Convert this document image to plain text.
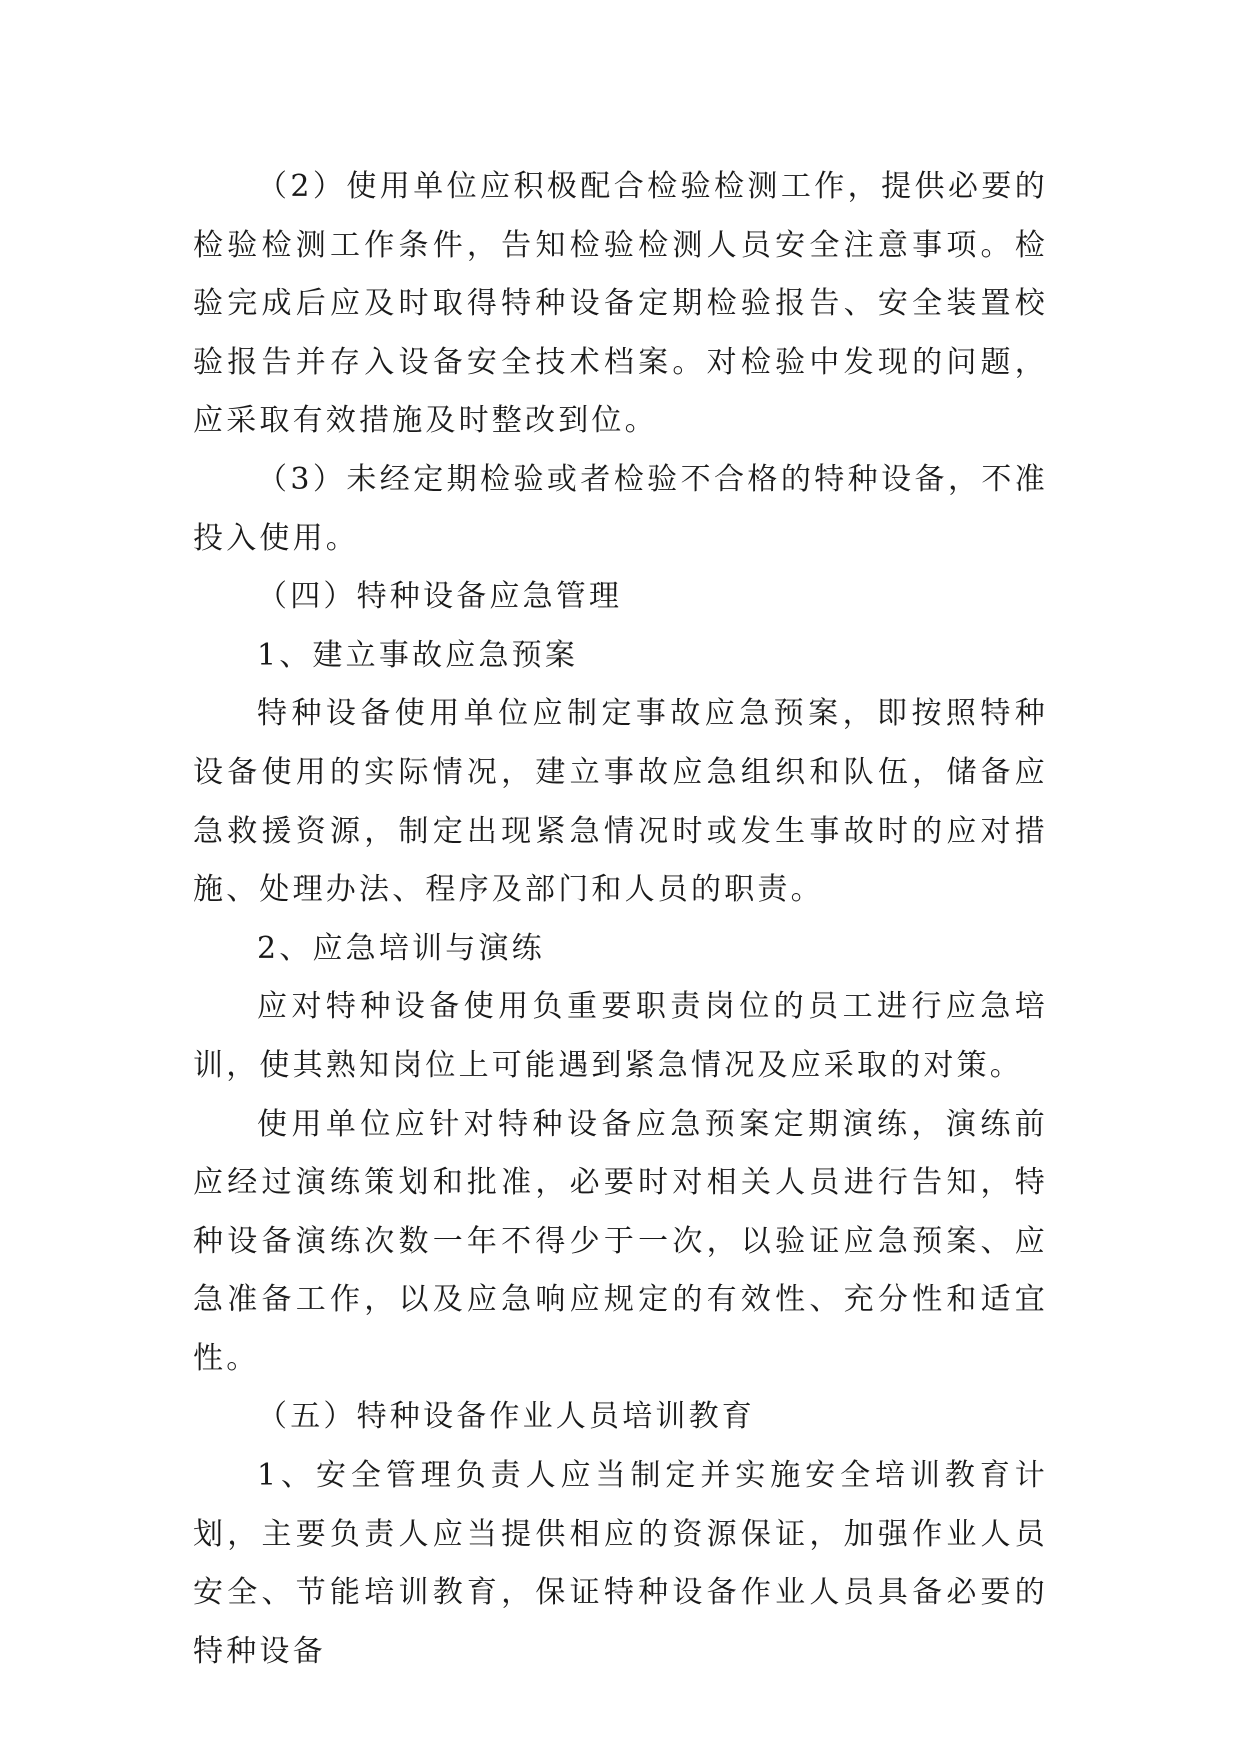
（2）使用单位应积极配合检验检测工作，提供必要的检验检测工作条件，告知检验检测人员安全注意事项。检验完成后应及时取得特种设备定期检验报告、安全装置校验报告并存入设备安全技术档案。对检验中发现的问题，应采取有效措施及时整改到位。

（3）未经定期检验或者检验不合格的特种设备，不准投入使用。

（四）特种设备应急管理

1、建立事故应急预案

特种设备使用单位应制定事故应急预案，即按照特种设备使用的实际情况，建立事故应急组织和队伍，储备应急救援资源，制定出现紧急情况时或发生事故时的应对措施、处理办法、程序及部门和人员的职责。

2、应急培训与演练

应对特种设备使用负重要职责岗位的员工进行应急培训，使其熟知岗位上可能遇到紧急情况及应采取的对策。

使用单位应针对特种设备应急预案定期演练，演练前应经过演练策划和批准，必要时对相关人员进行告知，特种设备演练次数一年不得少于一次，以验证应急预案、应急准备工作，以及应急响应规定的有效性、充分性和适宜性。

（五）特种设备作业人员培训教育

1、安全管理负责人应当制定并实施安全培训教育计划，主要负责人应当提供相应的资源保证，加强作业人员安全、节能培训教育，保证特种设备作业人员具备必要的特种设备
